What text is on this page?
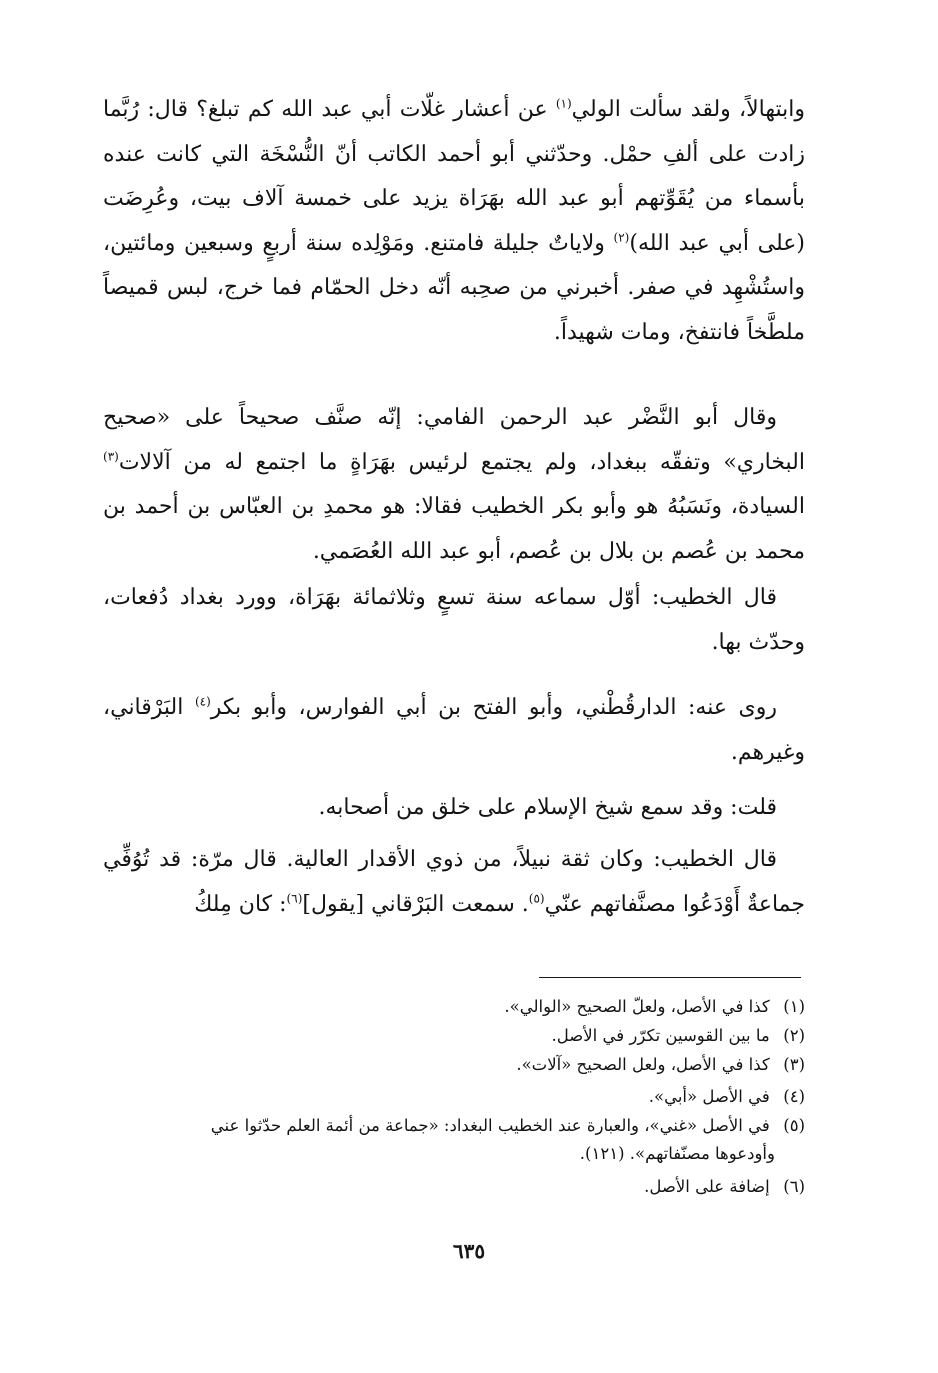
وابتهالاً، ولقد سألت الولي$^{(١)}$ عن أعشار غلّات أبي عبد الله كم تبلغ؟ قال: رُبَّما زادت على ألفِ حمْل. وحدّثني أبو أحمد الكاتب أنّ النُّسْخَة التي كانت عنده بأسماء من يُقَوِّتهم أبو عبد الله بهَرَاة يزيد على خمسة آلاف بيت، وعُرِضَت (على أبي عبد الله)$^{(٢)}$ ولاياتٌ جليلة فامتنع. ومَوْلِده سنة أربعٍ وسبعين ومائتين، واستُشْهِد في صفر. أخبرني من صحِبه أنّه دخل الحمّام فما خرج، لبس قميصاً ملطَّخاً فانتفخ، ومات شهيداً.

وقال أبو النَّضْر عبد الرحمن الفامي: إنّه صنَّف صحيحاً على «صحيح البخاري» وتفقّه ببغداد، ولم يجتمع لرئيس بهَرَاةٍ ما اجتمع له من آلالات$^{(٣)}$ السيادة، ونَسَبُهُ هو وأبو بكر الخطيب فقالا: هو محمدِ بن العبّاس بن أحمد بن محمد بن عُصم بن بلال بن عُصم، أبو عبد الله العُصَمي.

قال الخطيب: أوّل سماعه سنة تسعٍ وثلاثمائة بهَرَاة، وورد بغداد دُفعات، وحدّث بها.

روى عنه: الدارقُطْني، وأبو الفتح بن أبي الفوارس، وأبو بكر$^{(٤)}$ البَرْقاني، وغيرهم.

قلت: وقد سمع شيخ الإسلام على خلق من أصحابه.

قال الخطيب: وكان ثقة نبيلاً، من ذوي الأقدار العالية. قال مرّة: قد تُوُفِّي جماعةٌ أَوْدَعُوا مصنَّفاتهم عنّي$^{(٥)}$. سمعت البَرْقاني [يقول]$^{(٦)}$: كان مِلكُ

(١) كذا في الأصل، ولعلّ الصحيح «الوالي».

(٢) ما بين القوسين تكرّر في الأصل.

(٣) كذا في الأصل، ولعل الصحيح «آلات».

(٤) في الأصل «أبي».

(٥) في الأصل «غني»، والعبارة عند الخطيب البغداد: «جماعة من أئمة العلم حدّثوا عني

وأودعوها مصنّفاتهم». (١٢١).

(٦) إضافة على الأصل.

٦٣٥
